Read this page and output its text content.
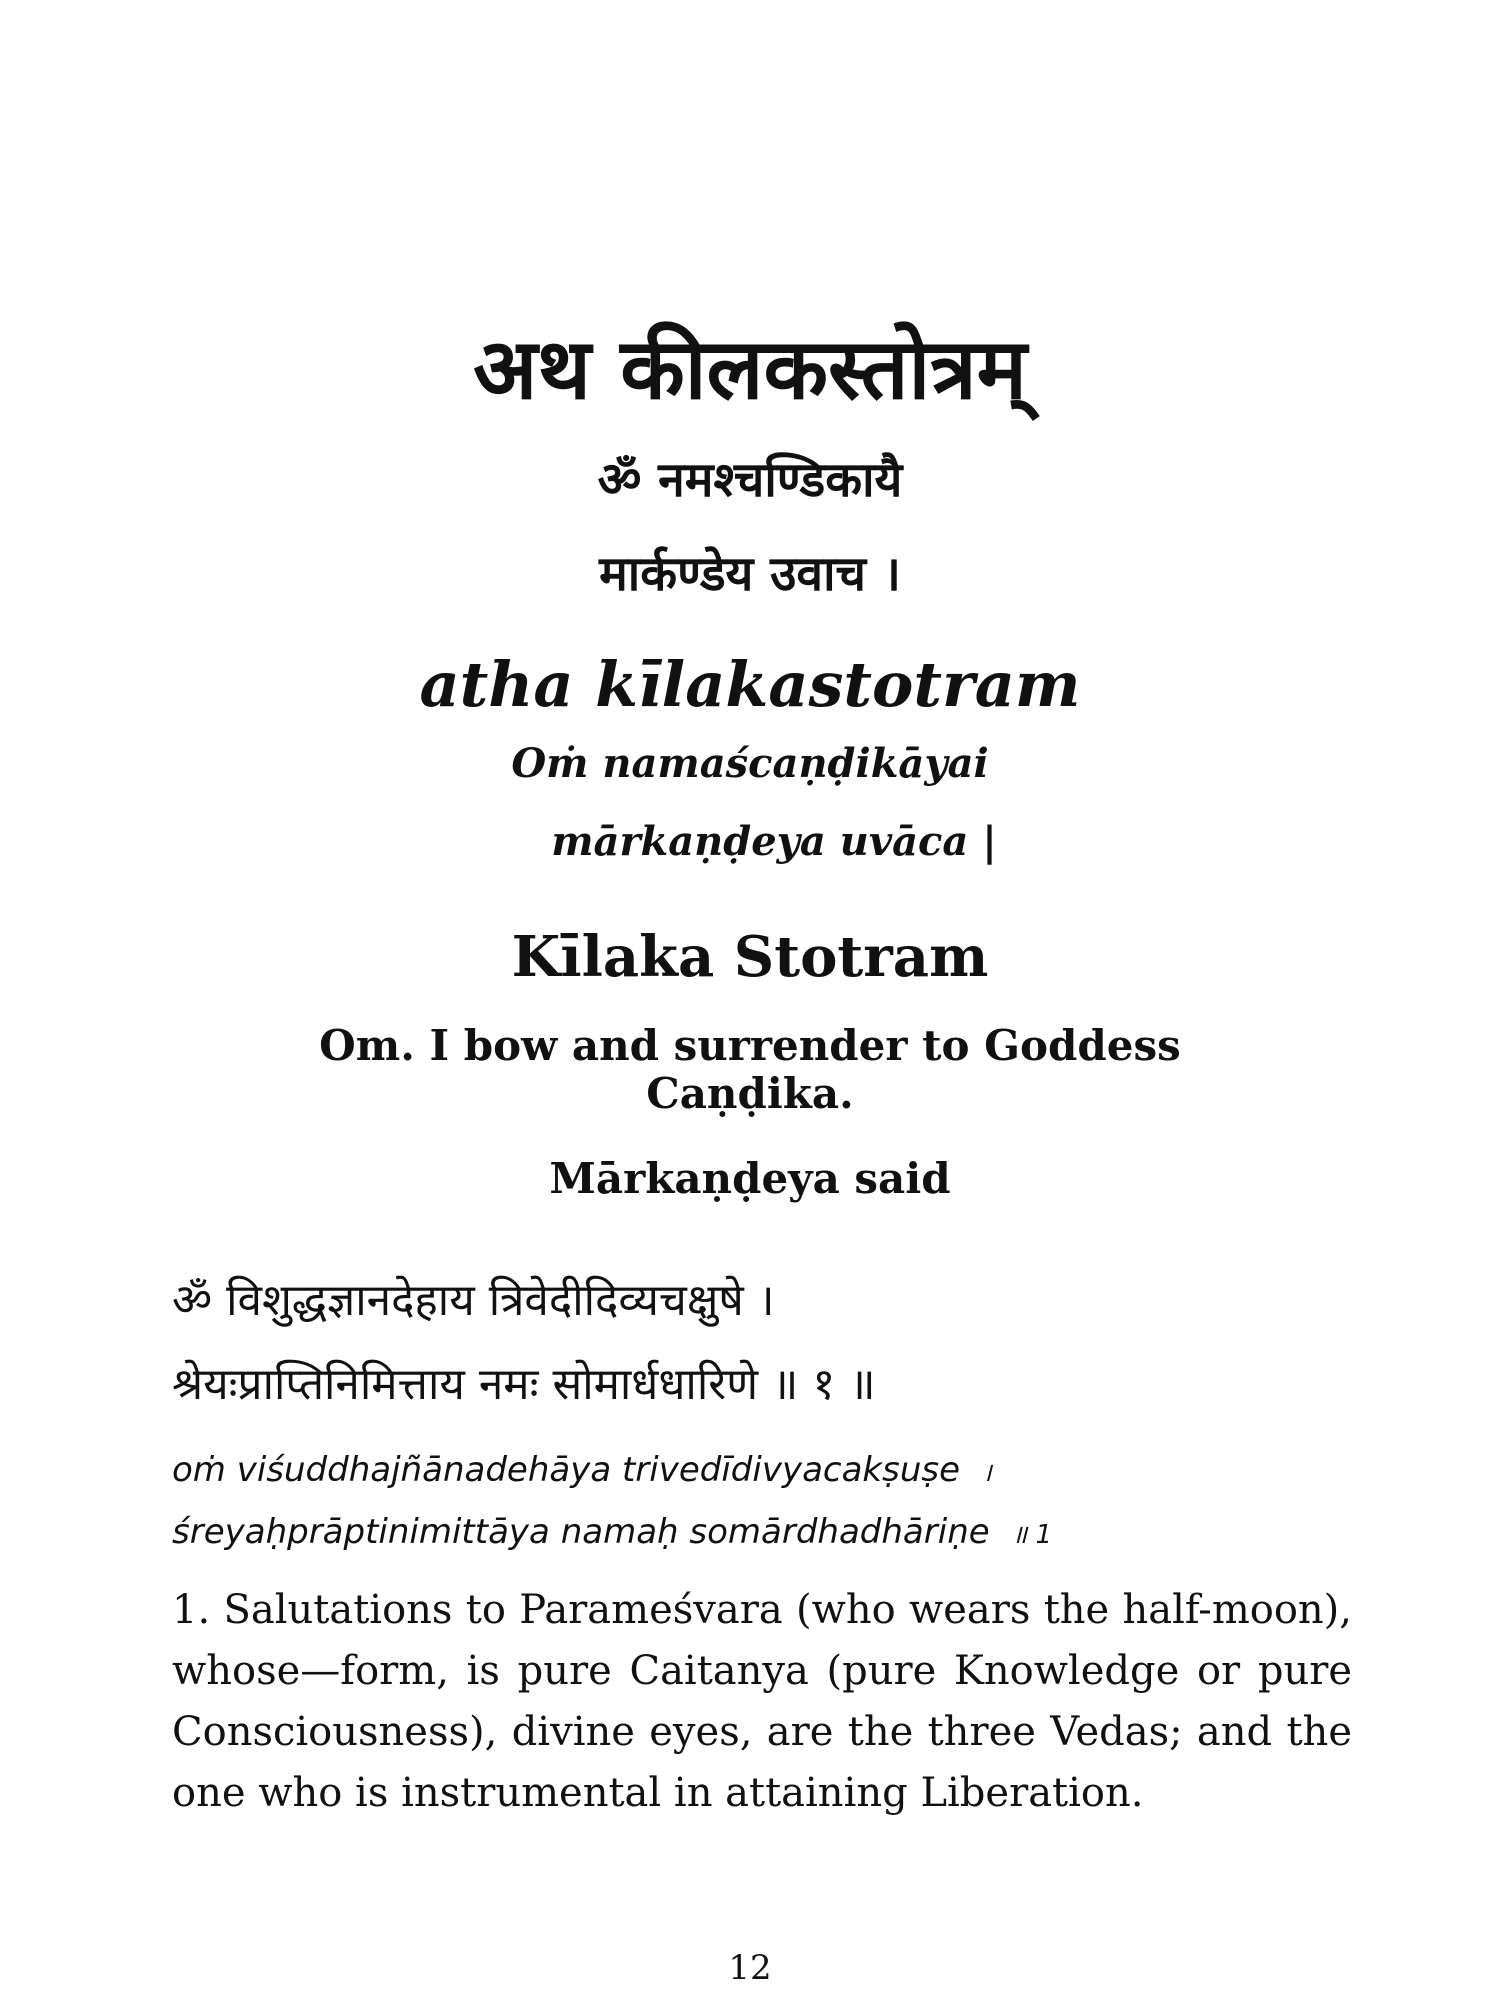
अथ कीलकस्तोत्रम्
ॐ नमश्चण्डिकायै
मार्कण्डेय उवाच ।
atha kīlakastotram
Oṁ namaścaṇḍikāyai
mārkaṇḍeya uvāca |
Kīlaka Stotram
Om. I bow and surrender to Goddess Caṇḍika.
Mārkaṇḍeya said
ॐ विशुद्धज्ञानदेहाय त्रिवेदीदिव्यचक्षुषे ।
श्रेयःप्राप्तिनिमित्ताय नमः सोमार्धधारिणे ॥ १ ॥
oṁ viśuddhajñānadehāya trivedīdivyacakṣuṣe ।
śreyaḥprāptinimittāya namaḥ somārdhadhāriṇe ॥ 1
1. Salutations to Parameśvara (who wears the half-moon), whose—form, is pure Caitanya (pure Knowledge or pure Consciousness), divine eyes, are the three Vedas; and the one who is instrumental in attaining Liberation.
12
